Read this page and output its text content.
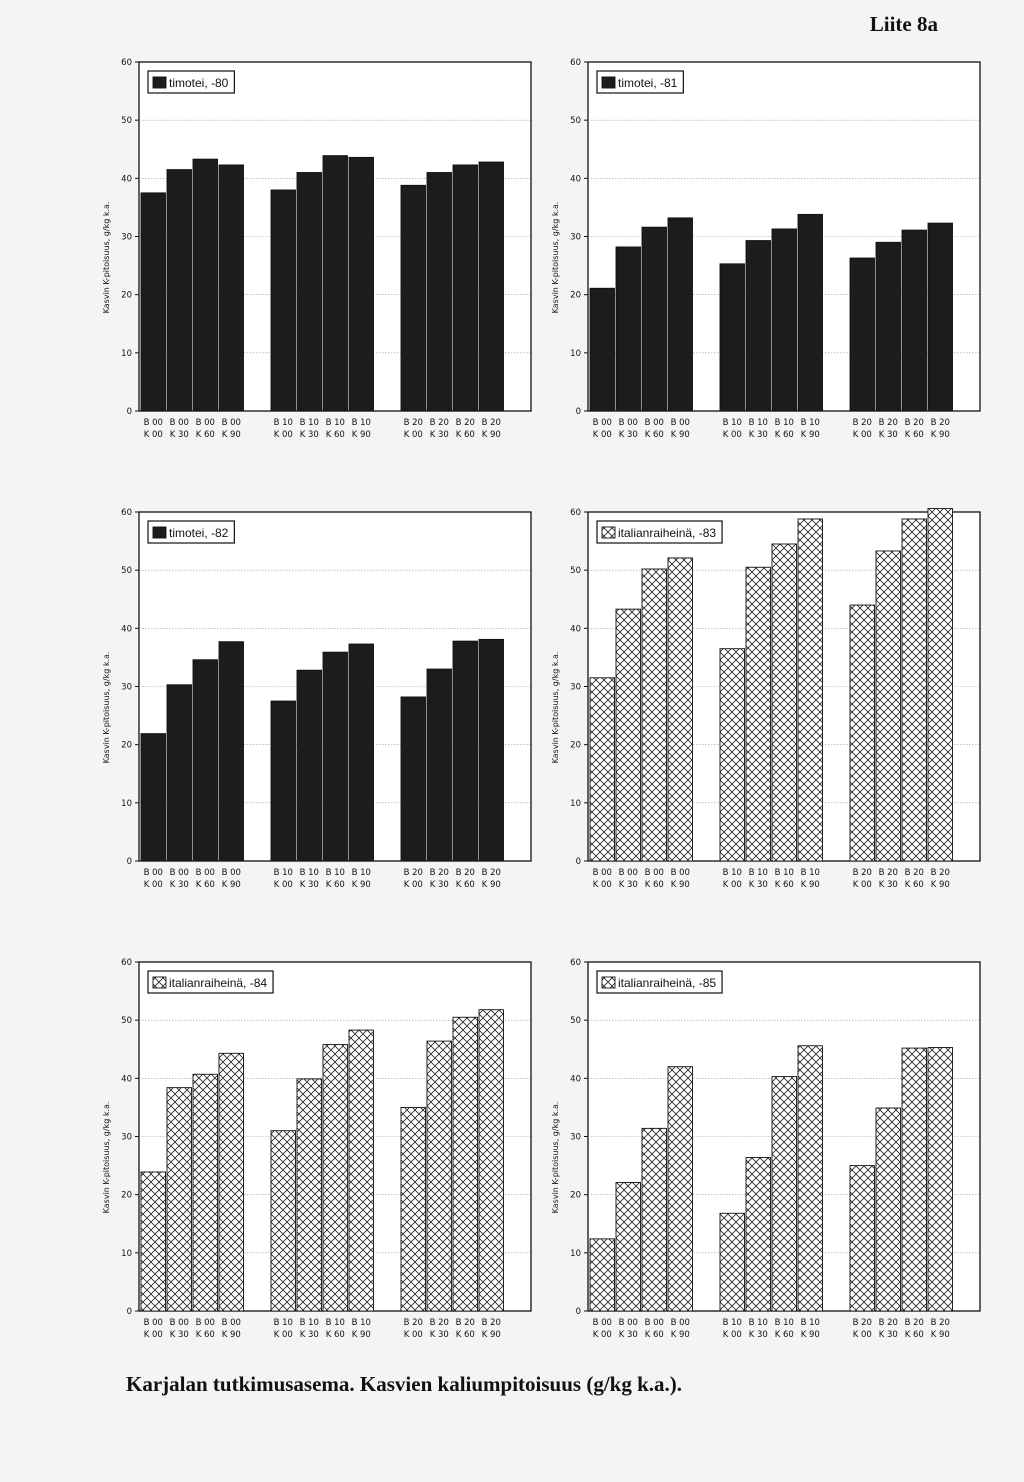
Liite 8a
0
10
20
30
40
50
60
Kasvin K-pitoisuus, g/kg k.a.
B 00
K 00
B 00
K 30
B 00
K 60
B 00
K 90
B 10
K 00
B 10
K 30
B 10
K 60
B 10
K 90
B 20
K 00
B 20
K 30
B 20
K 60
B 20
K 90
timotei, -80
0
10
20
30
40
50
60
Kasvin K-pitoisuus, g/kg k.a.
B 00
K 00
B 00
K 30
B 00
K 60
B 00
K 90
B 10
K 00
B 10
K 30
B 10
K 60
B 10
K 90
B 20
K 00
B 20
K 30
B 20
K 60
B 20
K 90
timotei, -81
0
10
20
30
40
50
60
Kasvin K-pitoisuus, g/kg k.a.
B 00
K 00
B 00
K 30
B 00
K 60
B 00
K 90
B 10
K 00
B 10
K 30
B 10
K 60
B 10
K 90
B 20
K 00
B 20
K 30
B 20
K 60
B 20
K 90
timotei, -82
0
10
20
30
40
50
60
Kasvin K-pitoisuus, g/kg k.a.
B 00
K 00
B 00
K 30
B 00
K 60
B 00
K 90
B 10
K 00
B 10
K 30
B 10
K 60
B 10
K 90
B 20
K 00
B 20
K 30
B 20
K 60
B 20
K 90
italianraiheinä, -83
0
10
20
30
40
50
60
Kasvin K-pitoisuus, g/kg k.a.
B 00
K 00
B 00
K 30
B 00
K 60
B 00
K 90
B 10
K 00
B 10
K 30
B 10
K 60
B 10
K 90
B 20
K 00
B 20
K 30
B 20
K 60
B 20
K 90
italianraiheinä, -84
0
10
20
30
40
50
60
Kasvin K-pitoisuus, g/kg k.a.
B 00
K 00
B 00
K 30
B 00
K 60
B 00
K 90
B 10
K 00
B 10
K 30
B 10
K 60
B 10
K 90
B 20
K 00
B 20
K 30
B 20
K 60
B 20
K 90
italianraiheinä, -85
Karjalan tutkimusasema. Kasvien kaliumpitoisuus (g/kg k.a.).
